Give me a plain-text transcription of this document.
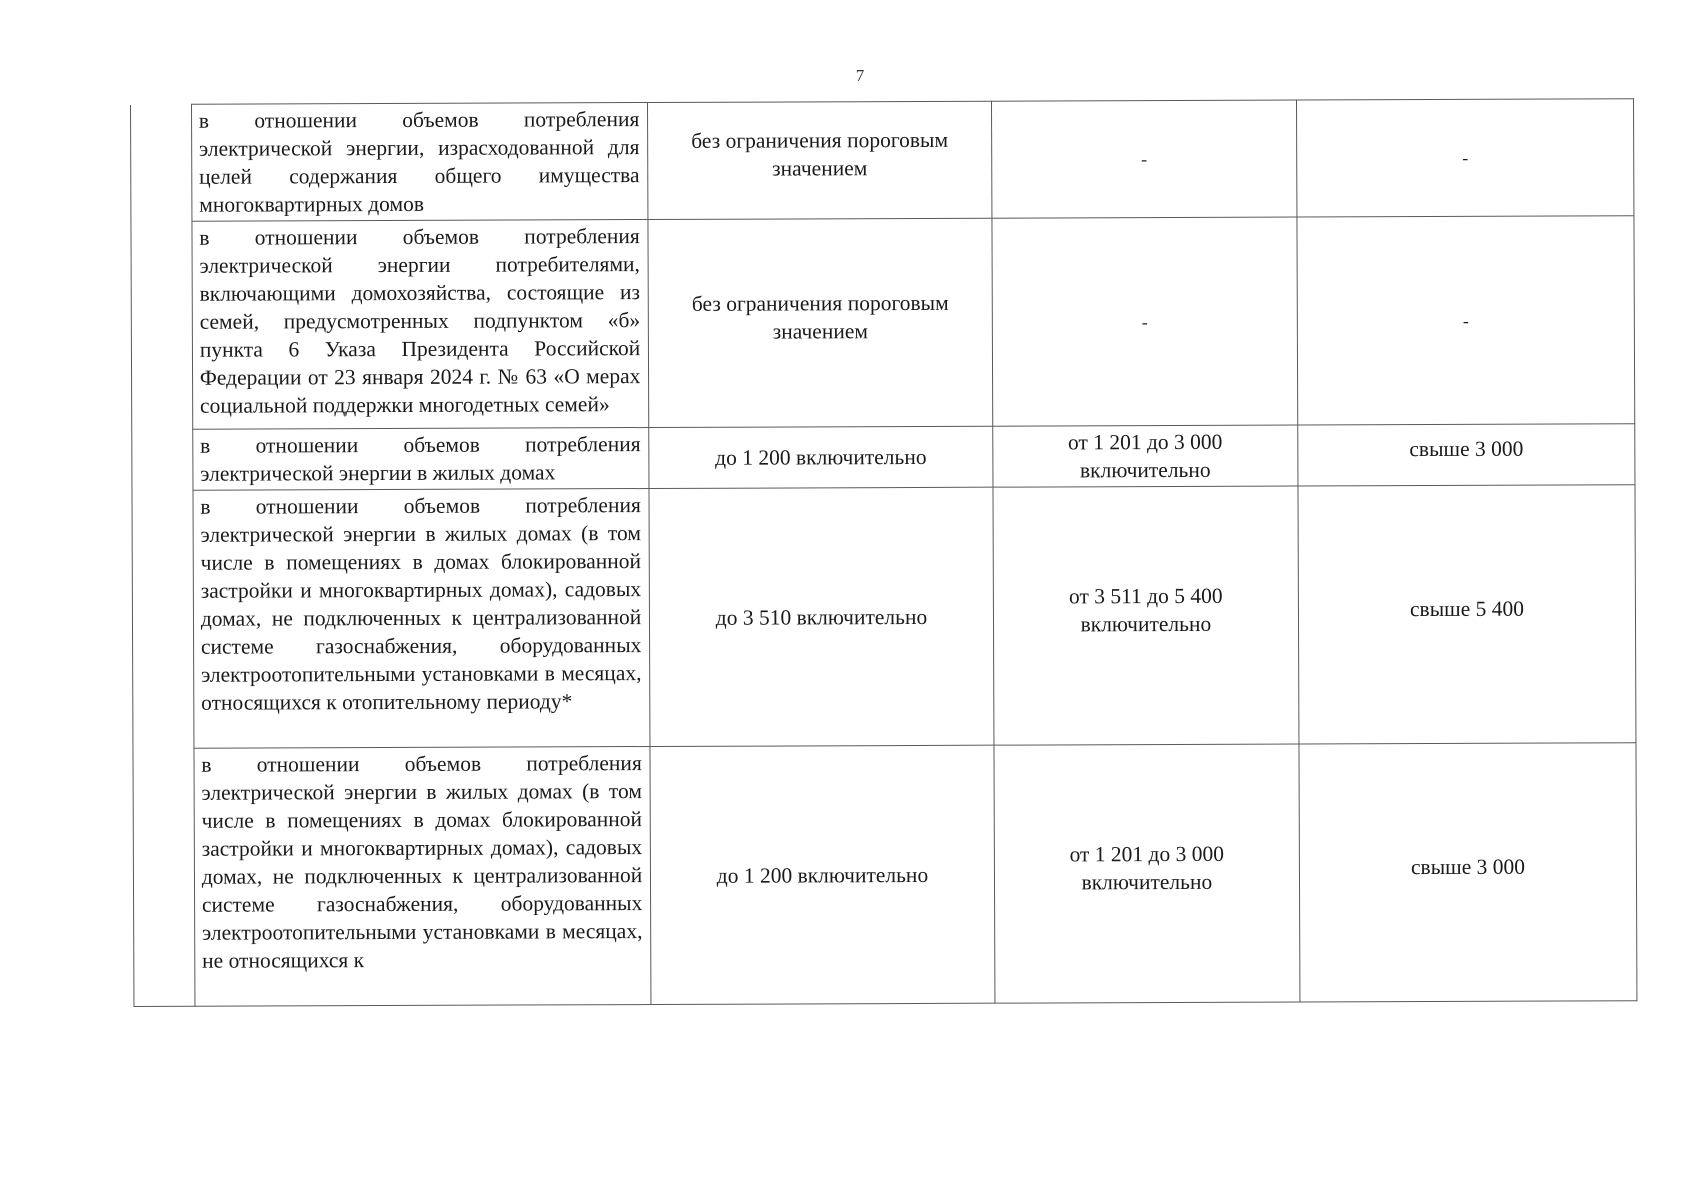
7

	в отношении объемов потребления электрической энергии, израсходованной для целей содержания общего имущества многоквартирных домов	без ограничения пороговым значением	-	-

	в отношении объемов потребления электрической энергии потребителями, включающими домохозяйства, состоящие из семей, предусмотренных подпунктом «б» пункта 6 Указа Президента Российской Федерации от 23 января 2024 г. № 63 «О мерах социальной поддержки многодетных семей»	без ограничения пороговым значением	-	-

	в отношении объемов потребления электрической энергии в жилых домах	до 1 200 включительно	от 1 201 до 3 000 включительно	свыше 3 000

	в отношении объемов потребления электрической энергии в жилых домах (в том числе в помещениях в домах блокированной застройки и многоквартирных домах), садовых домах, не подключенных к централизованной системе газоснабжения, оборудованных электроотопительными установками в месяцах, относящихся к отопительному периоду*	до 3 510 включительно	от 3 511 до 5 400 включительно	свыше 5 400

	в отношении объемов потребления электрической энергии в жилых домах (в том числе в помещениях в домах блокированной застройки и многоквартирных домах), садовых домах, не подключенных к централизованной системе газоснабжения, оборудованных электроотопительными установками в месяцах, не относящихся к	до 1 200 включительно	от 1 201 до 3 000 включительно	свыше 3 000
